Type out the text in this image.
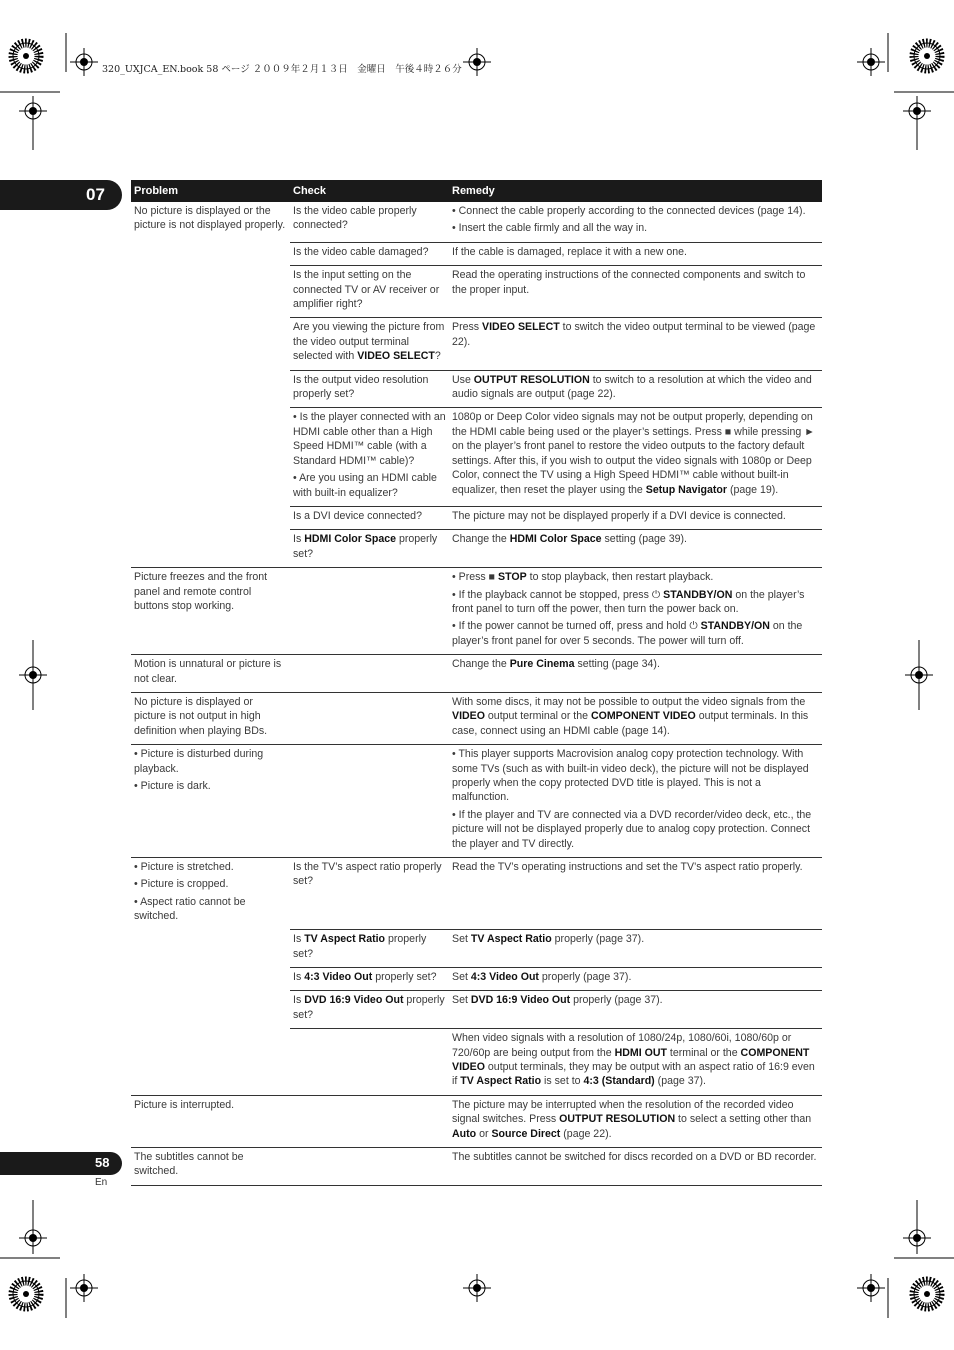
320_UXJCA_EN.book 58 ページ ２００９年２月１３日　金曜日　午後４時２６分
07	Problem	Check	Remedy
No picture is displayed or the picture is not displayed properly.	Is the video cable properly connected?	• Connect the cable properly according to the connected devices (page 14).
• Insert the cable firmly and all the way in.

	Is the video cable damaged?	If the cable is damaged, replace it with a new one.
	Is the input setting on the connected TV or AV receiver or amplifier right?	Read the operating instructions of the connected components and switch to the proper input.
	Are you viewing the picture from the video output terminal selected with VIDEO SELECT?	Press VIDEO SELECT to switch the video output terminal to be viewed (page 22).
	Is the output video resolution properly set?	Use OUTPUT RESOLUTION to switch to a resolution at which the video and audio signals are output (page 22).

	• Is the player connected with an HDMI cable other than a High Speed HDMI™ cable (with a Standard HDMI™ cable)?
• Are you using an HDMI cable with built-in equalizer?	1080p or Deep Color video signals may not be output properly, depending on the HDMI cable being used or the player’s settings. Press ■ while pressing ► on the player’s front panel to restore the video outputs to the factory default settings. After this, if you wish to output the video signals with 1080p or Deep Color, connect the TV using a High Speed HDMI™ cable without built-in equalizer, then reset the player using the Setup Navigator (page 19).
	Is a DVI device connected?	The picture may not be displayed properly if a DVI device is connected.
	Is HDMI Color Space properly set?	Change the HDMI Color Space setting (page 39).
Picture freezes and the front panel and remote control buttons stop working.		• Press ■ STOP to stop playback, then restart playback.
• If the playback cannot be stopped, press ⏻ STANDBY/ON on the player’s front panel to turn off the power, then turn the power back on.
• If the power cannot be turned off, press and hold ⏻ STANDBY/ON on the player’s front panel for over 5 seconds. The power will turn off.

Motion is unnatural or picture is not clear.		Change the Pure Cinema setting (page 34).
No picture is displayed or picture is not output in high definition when playing BDs.		With some discs, it may not be possible to output the video signals from the VIDEO output terminal or the COMPONENT VIDEO output terminals. In this case, connect using an HDMI cable (page 14).

• Picture is disturbed during playback.
• Picture is dark.		• This player supports Macrovision analog copy protection technology. With some TVs (such as with built-in video deck), the picture will not be displayed properly when the copy protected DVD title is played. This is not a malfunction.
• If the player and TV are connected via a DVD recorder/video deck, etc., the picture will not be displayed properly due to analog copy protection. Connect the player and TV directly.

• Picture is stretched.
• Picture is cropped.
• Aspect ratio cannot be switched.	Is the TV’s aspect ratio properly set?	Read the TV’s operating instructions and set the TV’s aspect ratio properly.
	Is TV Aspect Ratio properly set?	Set TV Aspect Ratio properly (page 37).
	Is 4:3 Video Out properly set?	Set 4:3 Video Out properly (page 37).
	Is DVD 16:9 Video Out properly set?	Set DVD 16:9 Video Out properly (page 37).
		When video signals with a resolution of 1080/24p, 1080/60i, 1080/60p or 720/60p are being output from the HDMI OUT terminal or the COMPONENT VIDEO output terminals, they may be output with an aspect ratio of 16:9 even if TV Aspect Ratio is set to 4:3 (Standard) (page 37).
Picture is interrupted.		The picture may be interrupted when the resolution of the recorded video signal switches. Press OUTPUT RESOLUTION to select a setting other than Auto or Source Direct (page 22).
The subtitles cannot be switched.		The subtitles cannot be switched for discs recorded on a DVD or BD recorder.
58
En
